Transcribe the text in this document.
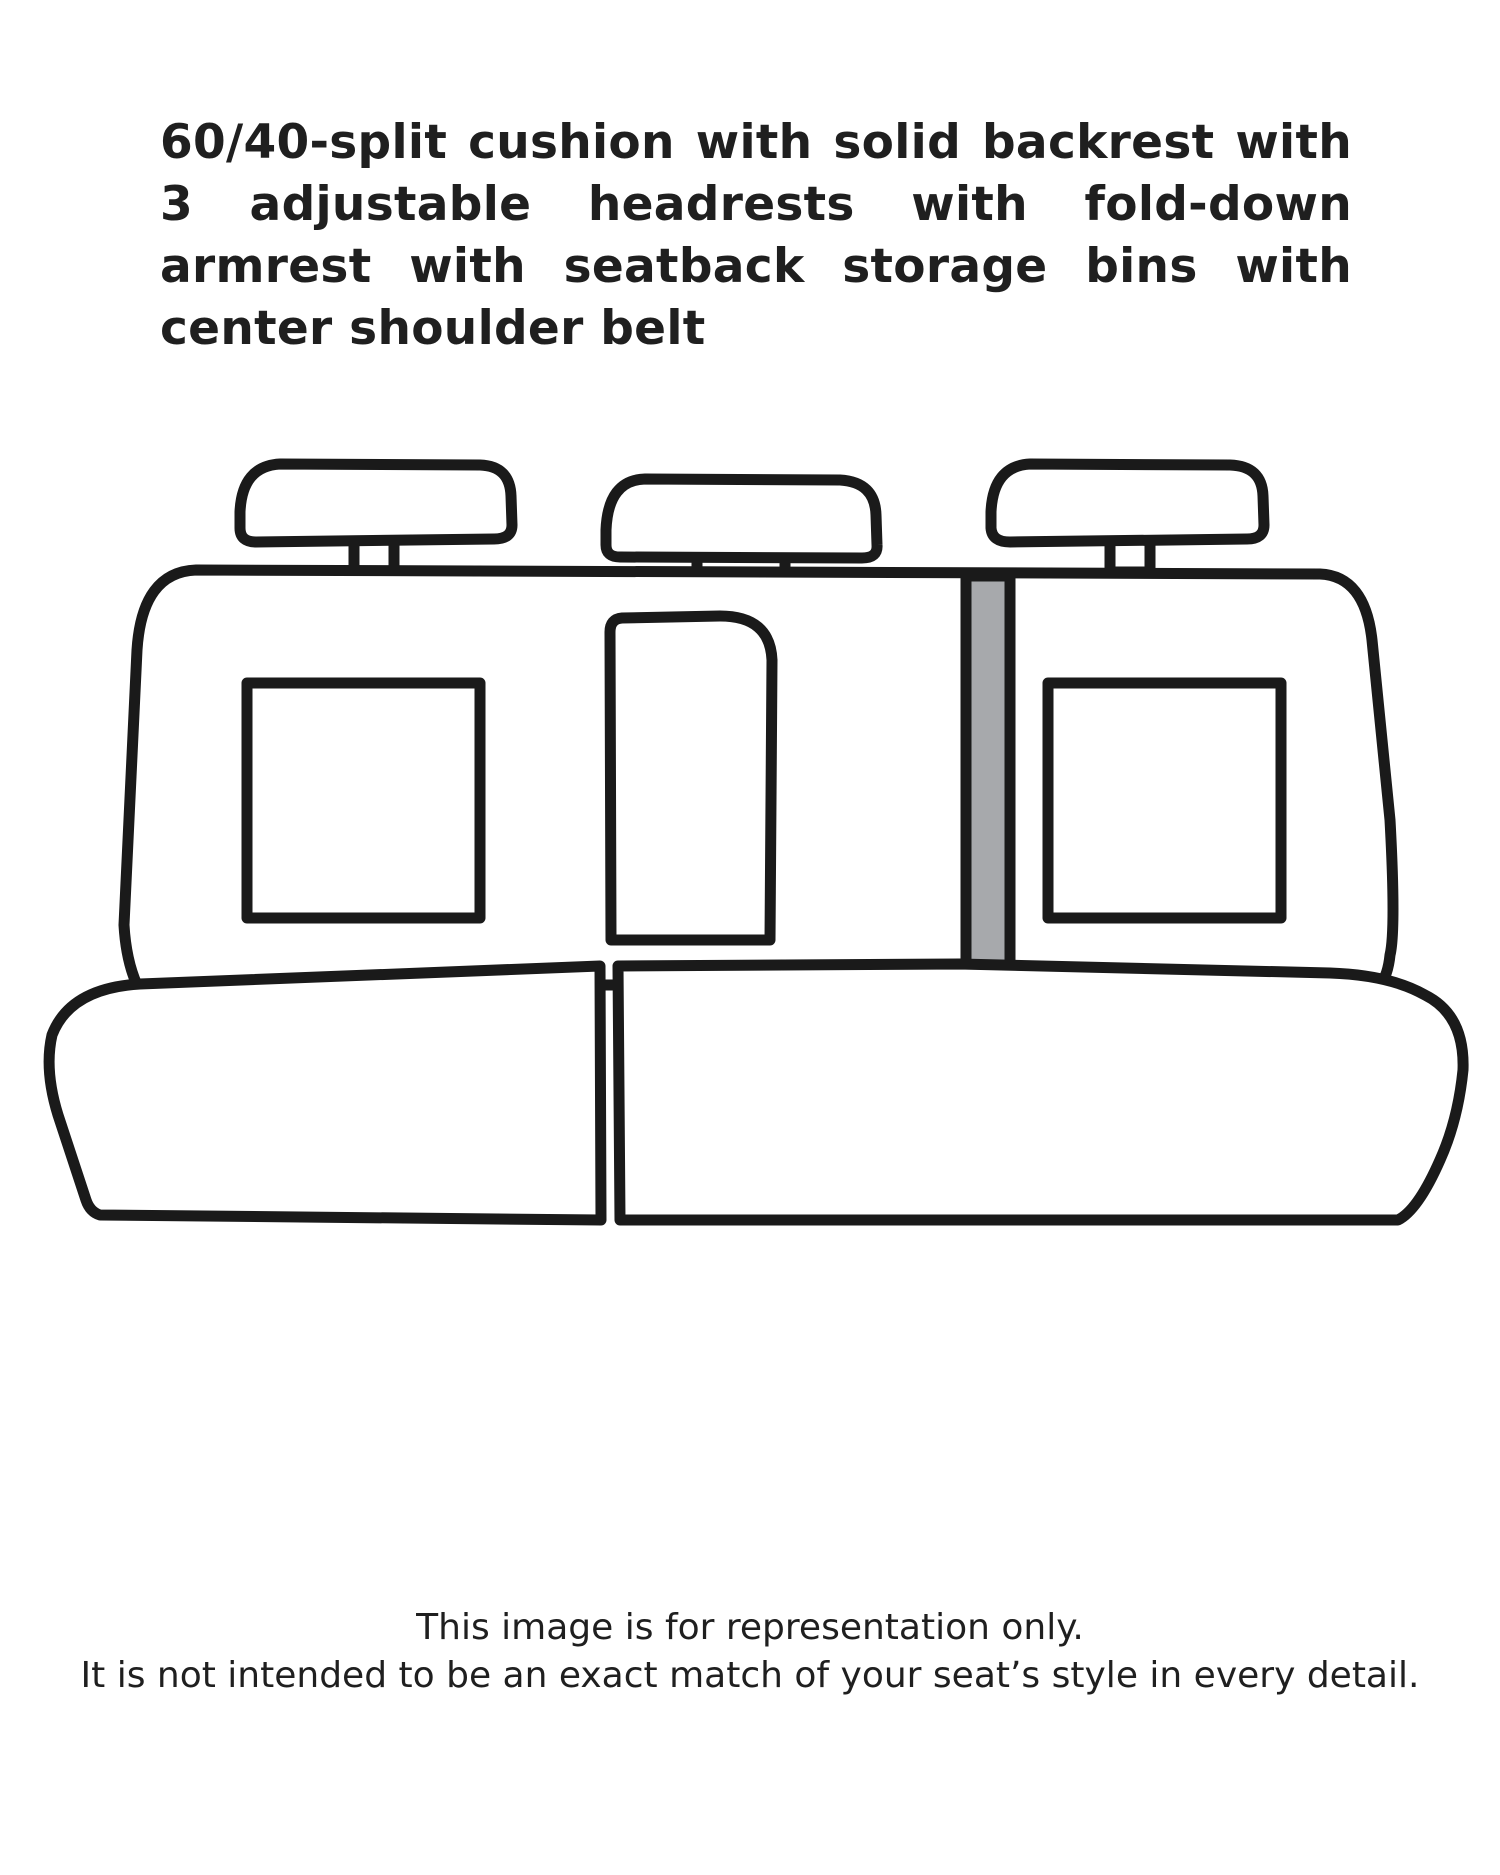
60/40-split cushion with solid backrest with 3 adjustable headrests with fold-down armrest with seatback storage bins with center shoulder belt

This image is for representation only.

It is not intended to be an exact match of your seat’s style in every detail.
